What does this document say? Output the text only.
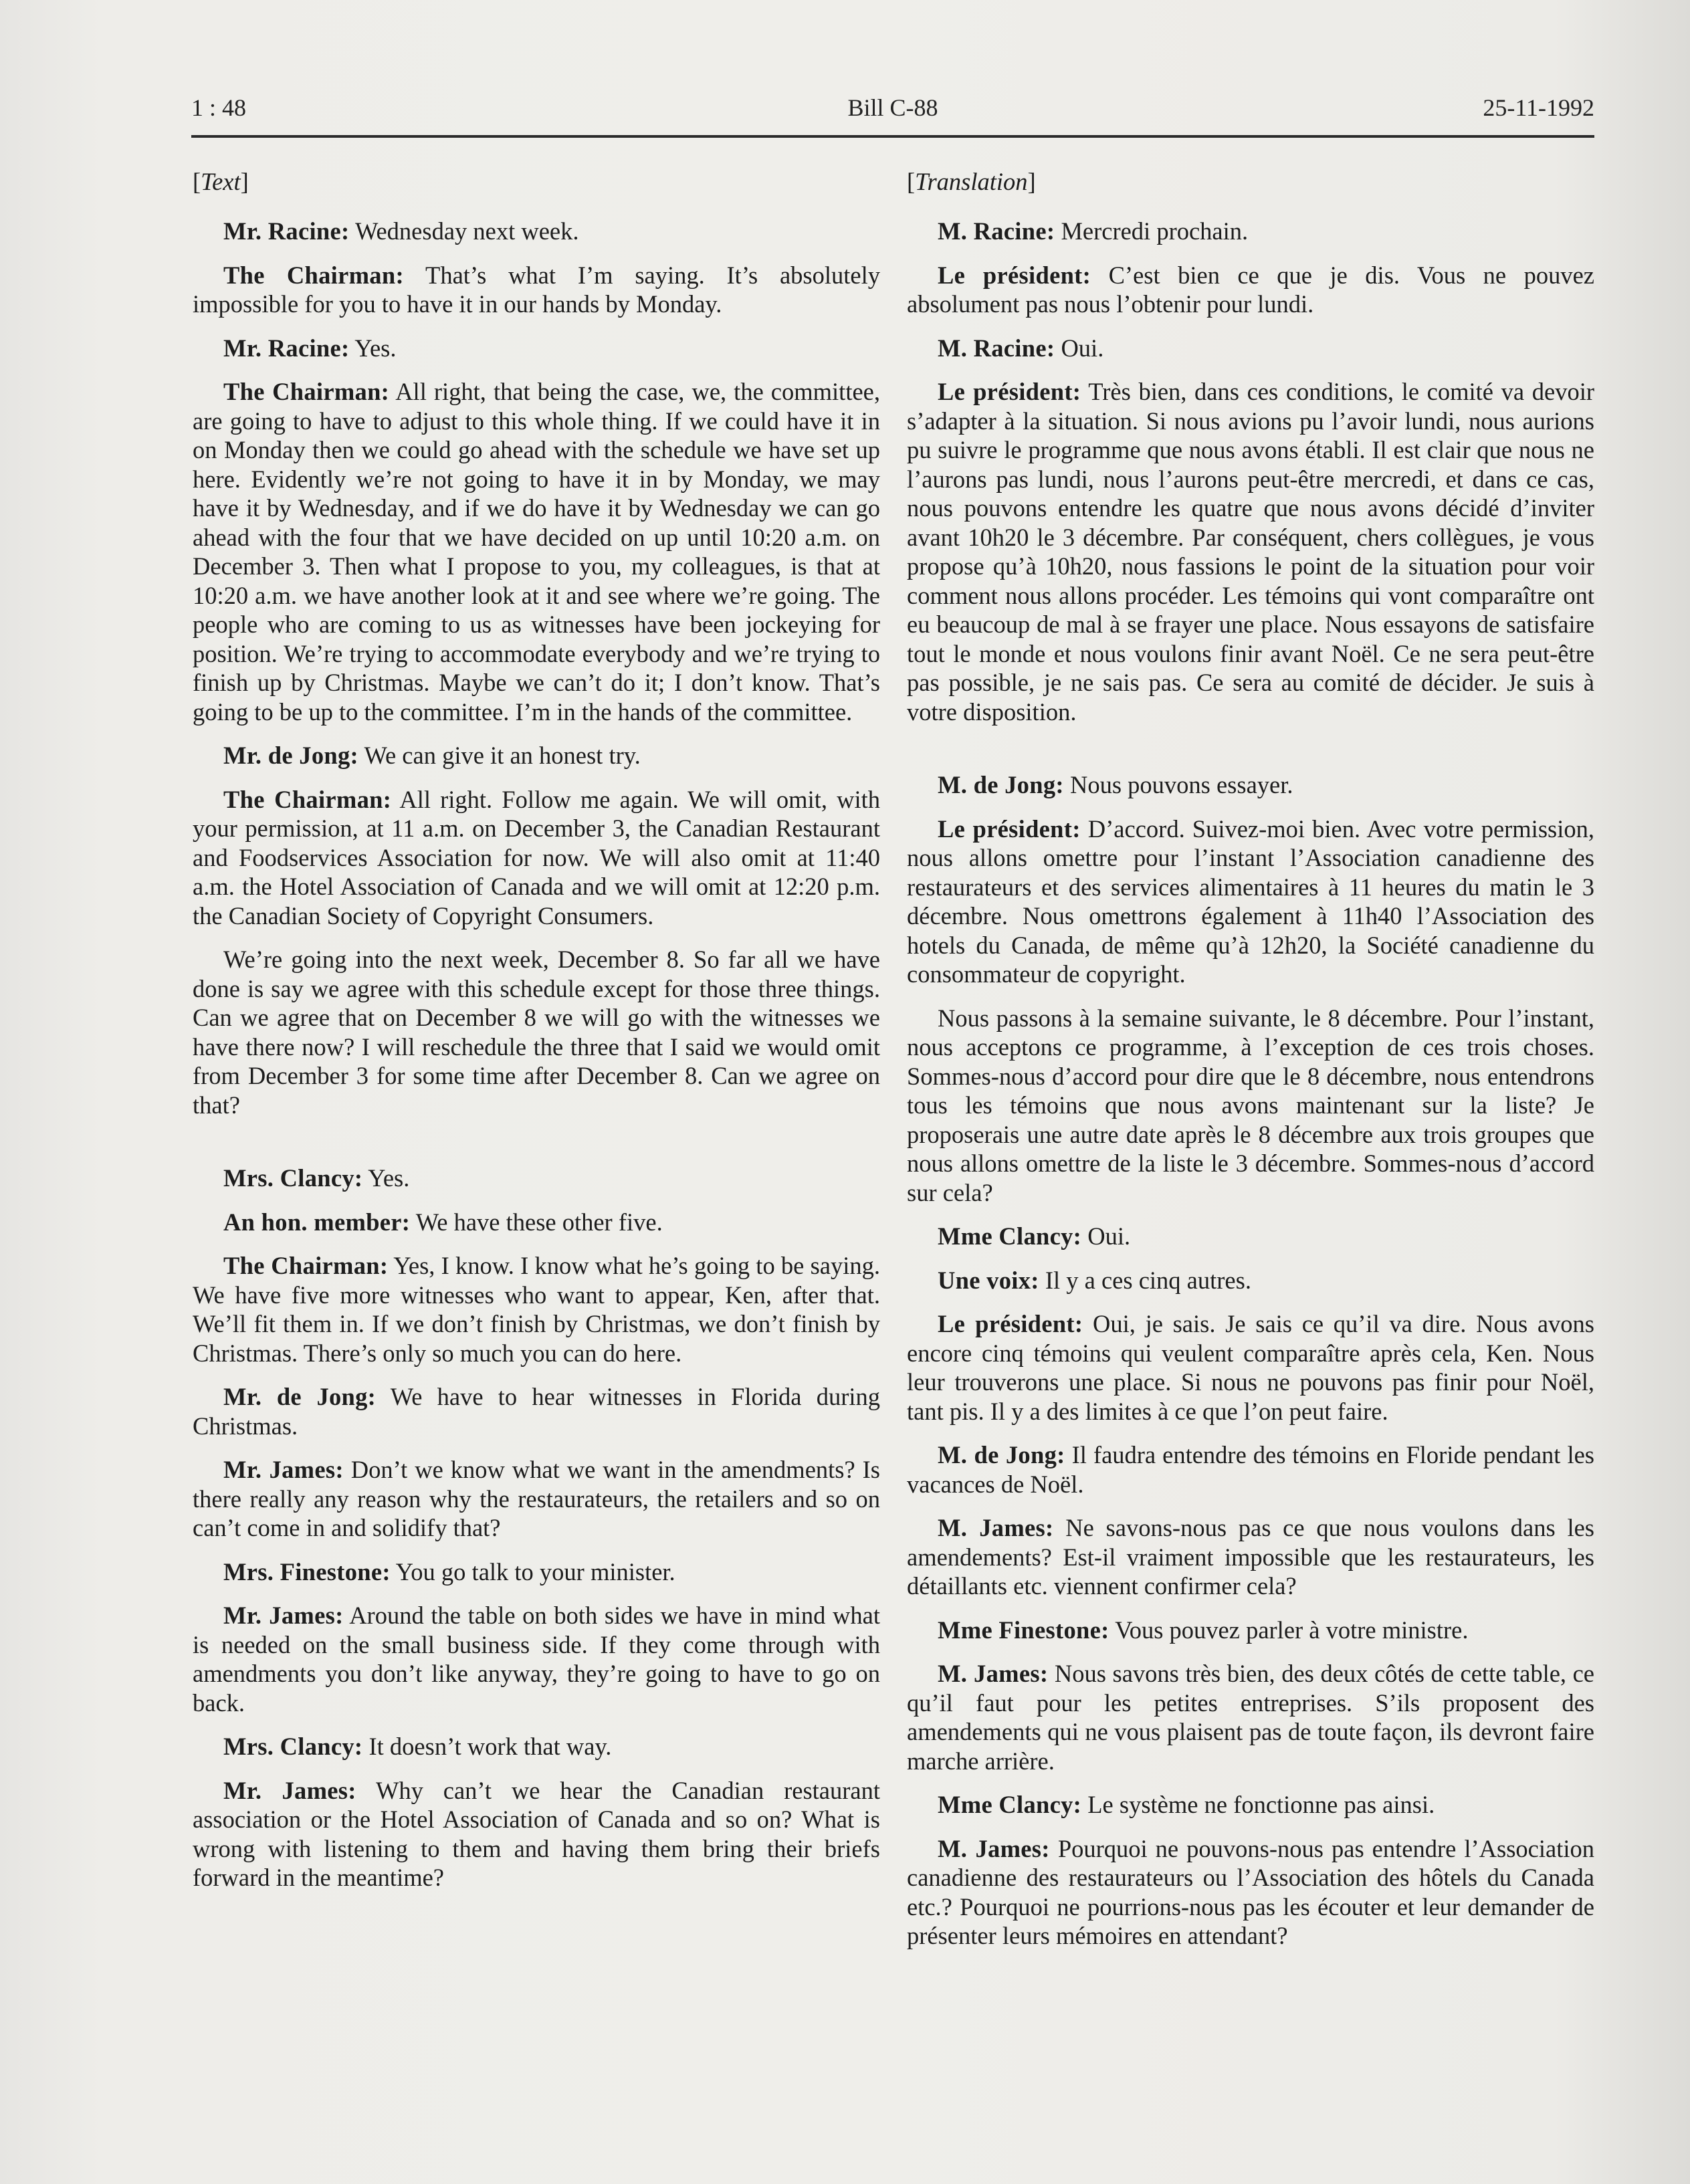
1 : 48	Bill C-88	25-11-1992
[Text]
Mr. Racine: Wednesday next week.
The Chairman: That’s what I’m saying. It’s absolutely impossible for you to have it in our hands by Monday.
Mr. Racine: Yes.
The Chairman: All right, that being the case, we, the committee, are going to have to adjust to this whole thing. If we could have it in on Monday then we could go ahead with the schedule we have set up here. Evidently we’re not going to have it in by Monday, we may have it by Wednesday, and if we do have it by Wednesday we can go ahead with the four that we have decided on up until 10:20 a.m. on December 3. Then what I propose to you, my colleagues, is that at 10:20 a.m. we have another look at it and see where we’re going. The people who are coming to us as witnesses have been jockeying for position. We’re trying to accommodate everybody and we’re trying to finish up by Christmas. Maybe we can’t do it; I don’t know. That’s going to be up to the committee. I’m in the hands of the committee.
Mr. de Jong: We can give it an honest try.
The Chairman: All right. Follow me again. We will omit, with your permission, at 11 a.m. on December 3, the Canadian Restaurant and Foodservices Association for now. We will also omit at 11:40 a.m. the Hotel Association of Canada and we will omit at 12:20 p.m. the Canadian Society of Copyright Consumers.
We’re going into the next week, December 8. So far all we have done is say we agree with this schedule except for those three things. Can we agree that on December 8 we will go with the witnesses we have there now? I will reschedule the three that I said we would omit from December 3 for some time after December 8. Can we agree on that?
Mrs. Clancy: Yes.
An hon. member: We have these other five.
The Chairman: Yes, I know. I know what he’s going to be saying. We have five more witnesses who want to appear, Ken, after that. We’ll fit them in. If we don’t finish by Christmas, we don’t finish by Christmas. There’s only so much you can do here.
Mr. de Jong: We have to hear witnesses in Florida during Christmas.
Mr. James: Don’t we know what we want in the amendments? Is there really any reason why the restaurateurs, the retailers and so on can’t come in and solidify that?
Mrs. Finestone: You go talk to your minister.
Mr. James: Around the table on both sides we have in mind what is needed on the small business side. If they come through with amendments you don’t like anyway, they’re going to have to go on back.
Mrs. Clancy: It doesn’t work that way.
Mr. James: Why can’t we hear the Canadian restaurant association or the Hotel Association of Canada and so on? What is wrong with listening to them and having them bring their briefs forward in the meantime?
[Translation]
M. Racine: Mercredi prochain.
Le président: C’est bien ce que je dis. Vous ne pouvez absolument pas nous l’obtenir pour lundi.
M. Racine: Oui.
Le président: Très bien, dans ces conditions, le comité va devoir s’adapter à la situation. Si nous avions pu l’avoir lundi, nous aurions pu suivre le programme que nous avons établi. Il est clair que nous ne l’aurons pas lundi, nous l’aurons peut-être mercredi, et dans ce cas, nous pouvons entendre les quatre que nous avons décidé d’inviter avant 10h20 le 3 décembre. Par conséquent, chers collègues, je vous propose qu’à 10h20, nous fassions le point de la situation pour voir comment nous allons procéder. Les témoins qui vont comparaître ont eu beaucoup de mal à se frayer une place. Nous essayons de satisfaire tout le monde et nous voulons finir avant Noël. Ce ne sera peut-être pas possible, je ne sais pas. Ce sera au comité de décider. Je suis à votre disposition.
M. de Jong: Nous pouvons essayer.
Le président: D’accord. Suivez-moi bien. Avec votre permission, nous allons omettre pour l’instant l’Association canadienne des restaurateurs et des services alimentaires à 11 heures du matin le 3 décembre. Nous omettrons également à 11h40 l’Association des hotels du Canada, de même qu’à 12h20, la Société canadienne du consommateur de copyright.
Nous passons à la semaine suivante, le 8 décembre. Pour l’instant, nous acceptons ce programme, à l’exception de ces trois choses. Sommes-nous d’accord pour dire que le 8 décembre, nous entendrons tous les témoins que nous avons maintenant sur la liste? Je proposerais une autre date après le 8 décembre aux trois groupes que nous allons omettre de la liste le 3 décembre. Sommes-nous d’accord sur cela?
Mme Clancy: Oui.
Une voix: Il y a ces cinq autres.
Le président: Oui, je sais. Je sais ce qu’il va dire. Nous avons encore cinq témoins qui veulent comparaître après cela, Ken. Nous leur trouverons une place. Si nous ne pouvons pas finir pour Noël, tant pis. Il y a des limites à ce que l’on peut faire.
M. de Jong: Il faudra entendre des témoins en Floride pendant les vacances de Noël.
M. James: Ne savons-nous pas ce que nous voulons dans les amendements? Est-il vraiment impossible que les restaurateurs, les détaillants etc. viennent confirmer cela?
Mme Finestone: Vous pouvez parler à votre ministre.
M. James: Nous savons très bien, des deux côtés de cette table, ce qu’il faut pour les petites entreprises. S’ils proposent des amendements qui ne vous plaisent pas de toute façon, ils devront faire marche arrière.
Mme Clancy: Le système ne fonctionne pas ainsi.
M. James: Pourquoi ne pouvons-nous pas entendre l’Association canadienne des restaurateurs ou l’Association des hôtels du Canada etc.? Pourquoi ne pourrions-nous pas les écouter et leur demander de présenter leurs mémoires en attendant?
